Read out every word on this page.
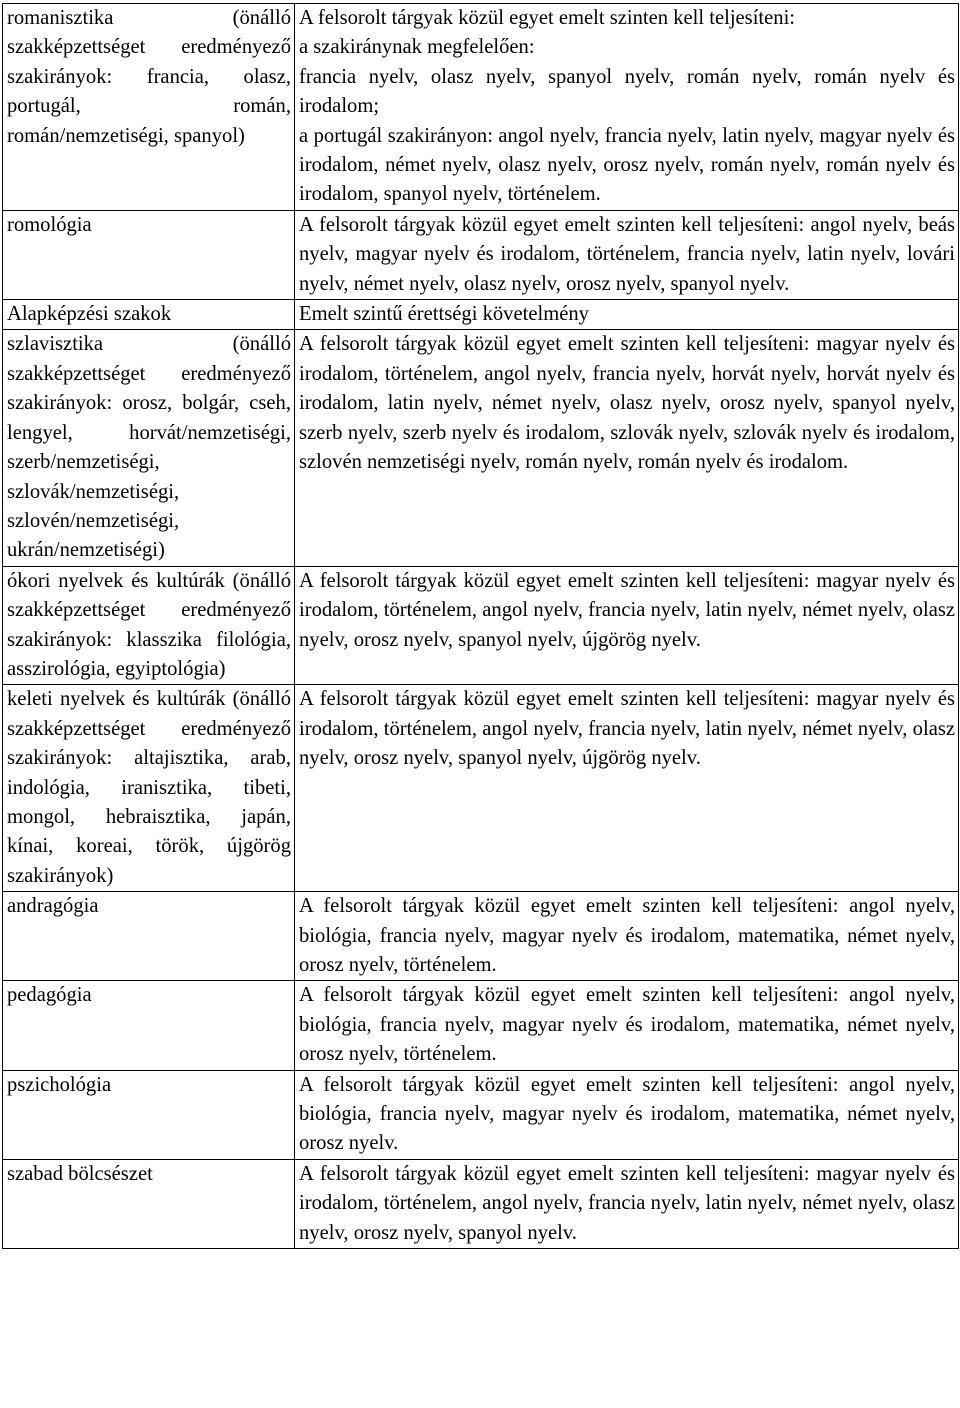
romanisztika (önálló szakképzettséget eredményező szakirányok: francia, olasz, portugál, román, román/nemzetiségi, spanyol)	A felsorolt tárgyak közül egyet emelt szinten kell teljesíteni:
a szakiránynak megfelelően:
francia nyelv, olasz nyelv, spanyol nyelv, román nyelv, román nyelv és irodalom;
a portugál szakirányon: angol nyelv, francia nyelv, latin nyelv, magyar nyelv és irodalom, német nyelv, olasz nyelv, orosz nyelv, román nyelv, román nyelv és irodalom, spanyol nyelv, történelem.

romológia	A felsorolt tárgyak közül egyet emelt szinten kell teljesíteni: angol nyelv, beás nyelv, magyar nyelv és irodalom, történelem, francia nyelv, latin nyelv, lovári nyelv, német nyelv, olasz nyelv, orosz nyelv, spanyol nyelv.
Alapképzési szakok	Emelt szintű érettségi követelmény
szlavisztika (önálló szakképzettséget eredményező szakirányok: orosz, bolgár, cseh, lengyel, horvát/nemzetiségi, szerb/nemzetiségi, szlovák/nemzetiségi, szlovén/nemzetiségi, ukrán/nemzetiségi)	A felsorolt tárgyak közül egyet emelt szinten kell teljesíteni: magyar nyelv és irodalom, történelem, angol nyelv, francia nyelv, horvát nyelv, horvát nyelv és irodalom, latin nyelv, német nyelv, olasz nyelv, orosz nyelv, spanyol nyelv, szerb nyelv, szerb nyelv és irodalom, szlovák nyelv, szlovák nyelv és irodalom, szlovén nemzetiségi nyelv, román nyelv, román nyelv és irodalom.
ókori nyelvek és kultúrák (önálló szakképzettséget eredményező szakirányok: klasszika filológia, asszirológia, egyiptológia)	A felsorolt tárgyak közül egyet emelt szinten kell teljesíteni: magyar nyelv és irodalom, történelem, angol nyelv, francia nyelv, latin nyelv, német nyelv, olasz nyelv, orosz nyelv, spanyol nyelv, újgörög nyelv.
keleti nyelvek és kultúrák (önálló szakképzettséget eredményező szakirányok: altajisztika, arab, indológia, iranisztika, tibeti, mongol, hebraisztika, japán, kínai, koreai, török, újgörög szakirányok)	A felsorolt tárgyak közül egyet emelt szinten kell teljesíteni: magyar nyelv és irodalom, történelem, angol nyelv, francia nyelv, latin nyelv, német nyelv, olasz nyelv, orosz nyelv, spanyol nyelv, újgörög nyelv.
andragógia	A felsorolt tárgyak közül egyet emelt szinten kell teljesíteni: angol nyelv, biológia, francia nyelv, magyar nyelv és irodalom, matematika, német nyelv, orosz nyelv, történelem.
pedagógia	A felsorolt tárgyak közül egyet emelt szinten kell teljesíteni: angol nyelv, biológia, francia nyelv, magyar nyelv és irodalom, matematika, német nyelv, orosz nyelv, történelem.
pszichológia	A felsorolt tárgyak közül egyet emelt szinten kell teljesíteni: angol nyelv, biológia, francia nyelv, magyar nyelv és irodalom, matematika, német nyelv, orosz nyelv.
szabad bölcsészet	A felsorolt tárgyak közül egyet emelt szinten kell teljesíteni: magyar nyelv és irodalom, történelem, angol nyelv, francia nyelv, latin nyelv, német nyelv, olasz nyelv, orosz nyelv, spanyol nyelv.
